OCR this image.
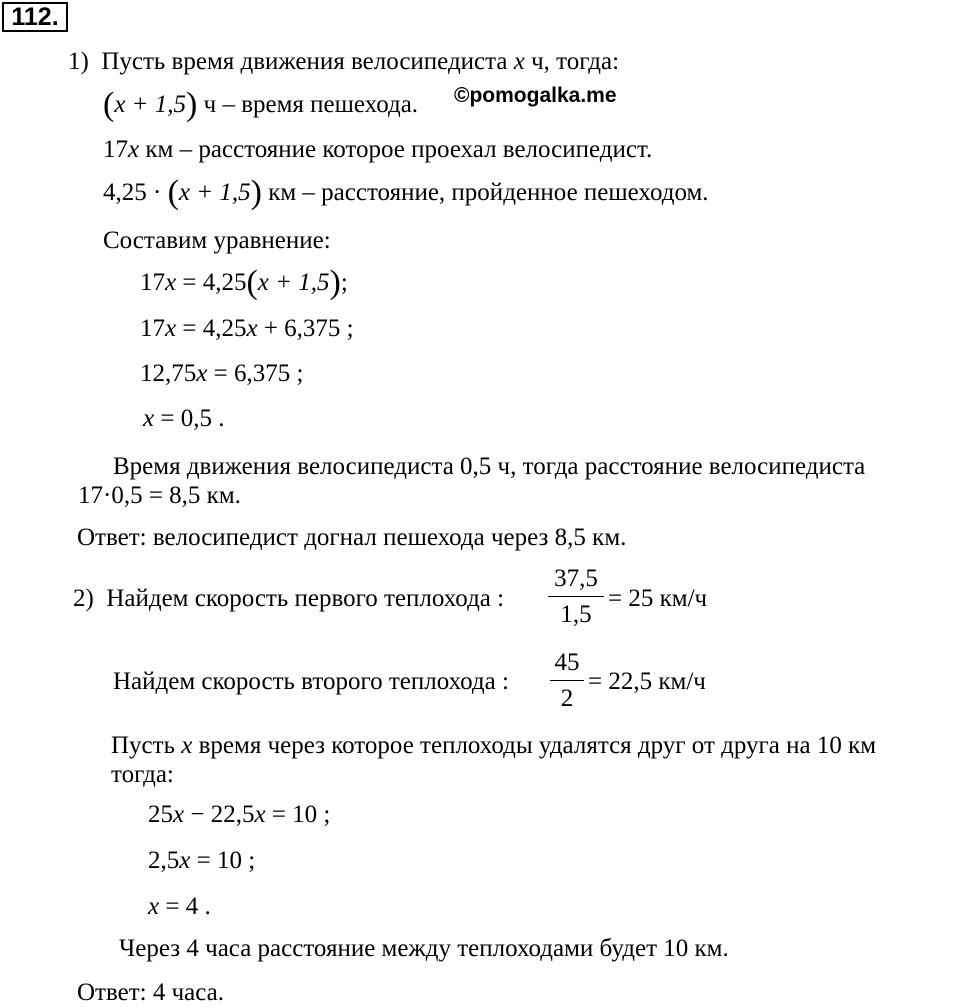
112.
1) Пусть время движения велосипедиста x ч, тогда:
(x + 1,5) ч – время пешехода. ©pomogalka.me
17x км – расстояние которое проехал велосипедист.
4,25 · (x + 1,5) км – расстояние, пройденное пешеходом.
Составим уравнение:
17x = 4,25(x + 1,5);
17x = 4,25x + 6,375 ;
12,75x = 6,375 ;
x = 0,5 .
Время движения велосипедиста 0,5 ч, тогда расстояние велосипедиста
17·0,5 = 8,5 км.
Ответ: велосипедист догнал пешехода через 8,5 км.
2) Найдем скорость первого теплохода :
37,5
1,5
= 25 км/ч
Найдем скорость второго теплохода :
45
2
= 22,5 км/ч
Пусть x время через которое теплоходы удалятся друг от друга на 10 км
тогда:
25x − 22,5x = 10 ;
2,5x = 10 ;
x = 4 .
Через 4 часа расстояние между теплоходами будет 10 км.
Ответ: 4 часа.
